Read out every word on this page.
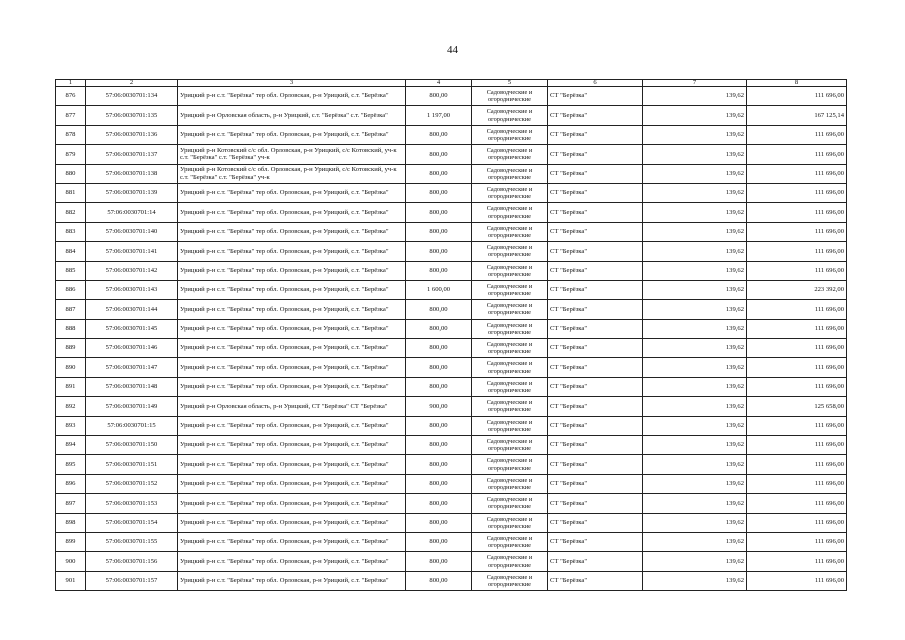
44
1	2	3	4	5	6	7	8
876	57:06:0030701:134	Урицкий р-н с.т. "Берёзка" тер обл. Орловская, р-н Урицкий, с.т. "Берёзка"	800,00	Садоводческие и огороднические	СТ "Берёзка"	139,62	111 696,00
877	57:06:0030701:135	Урицкий р-н Орловская область, р-н Урицкий, с.т. "Берёзка" с.т. "Берёзка"	1 197,00	Садоводческие и огороднические	СТ "Берёзка"	139,62	167 125,14
878	57:06:0030701:136	Урицкий р-н с.т. "Берёзка" тер обл. Орловская, р-н Урицкий, с.т. "Берёзка"	800,00	Садоводческие и огороднические	СТ "Берёзка"	139,62	111 696,00
879	57:06:0030701:137	Урицкий р-н Котовский с/с обл. Орловская, р-н Урицкий, с/с Котовский, уч-к с.т. "Берёзка" с.т. "Берёзка" уч-к	800,00	Садоводческие и огороднические	СТ "Берёзка"	139,62	111 696,00
880	57:06:0030701:138	Урицкий р-н Котовский с/с обл. Орловская, р-н Урицкий, с/с Котовский, уч-к с.т. "Берёзка" с.т. "Берёзка" уч-к	800,00	Садоводческие и огороднические	СТ "Берёзка"	139,62	111 696,00
881	57:06:0030701:139	Урицкий р-н с.т. "Берёзка" тер обл. Орловская, р-н Урицкий, с.т. "Берёзка"	800,00	Садоводческие и огороднические	СТ "Берёзка"	139,62	111 696,00
882	57:06:0030701:14	Урицкий р-н с.т. "Берёзка" тер обл. Орловская, р-н Урицкий, с.т. "Берёзка"	800,00	Садоводческие и огороднические	СТ "Берёзка"	139,62	111 696,00
883	57:06:0030701:140	Урицкий р-н с.т. "Берёзка" тер обл. Орловская, р-н Урицкий, с.т. "Берёзка"	800,00	Садоводческие и огороднические	СТ "Берёзка"	139,62	111 696,00
884	57:06:0030701:141	Урицкий р-н с.т. "Берёзка" тер обл. Орловская, р-н Урицкий, с.т. "Берёзка"	800,00	Садоводческие и огороднические	СТ "Берёзка"	139,62	111 696,00
885	57:06:0030701:142	Урицкий р-н с.т. "Берёзка" тер обл. Орловская, р-н Урицкий, с.т. "Берёзка"	800,00	Садоводческие и огороднические	СТ "Берёзка"	139,62	111 696,00
886	57:06:0030701:143	Урицкий р-н с.т. "Берёзка" тер обл. Орловская, р-н Урицкий, с.т. "Берёзка"	1 600,00	Садоводческие и огороднические	СТ "Берёзка"	139,62	223 392,00
887	57:06:0030701:144	Урицкий р-н с.т. "Берёзка" тер обл. Орловская, р-н Урицкий, с.т. "Берёзка"	800,00	Садоводческие и огороднические	СТ "Берёзка"	139,62	111 696,00
888	57:06:0030701:145	Урицкий р-н с.т. "Берёзка" тер обл. Орловская, р-н Урицкий, с.т. "Берёзка"	800,00	Садоводческие и огороднические	СТ "Берёзка"	139,62	111 696,00
889	57:06:0030701:146	Урицкий р-н с.т. "Берёзка" тер обл. Орловская, р-н Урицкий, с.т. "Берёзка"	800,00	Садоводческие и огороднические	СТ "Берёзка"	139,62	111 696,00
890	57:06:0030701:147	Урицкий р-н с.т. "Берёзка" тер обл. Орловская, р-н Урицкий, с.т. "Берёзка"	800,00	Садоводческие и огороднические	СТ "Берёзка"	139,62	111 696,00
891	57:06:0030701:148	Урицкий р-н с.т. "Берёзка" тер обл. Орловская, р-н Урицкий, с.т. "Берёзка"	800,00	Садоводческие и огороднические	СТ "Берёзка"	139,62	111 696,00
892	57:06:0030701:149	Урицкий р-н Орловская область, р-н Урицкий, СТ "Берёзка" СТ "Берёзка"	900,00	Садоводческие и огороднические	СТ "Берёзка"	139,62	125 658,00
893	57:06:0030701:15	Урицкий р-н с.т. "Берёзка" тер обл. Орловская, р-н Урицкий, с.т. "Берёзка"	800,00	Садоводческие и огороднические	СТ "Берёзка"	139,62	111 696,00
894	57:06:0030701:150	Урицкий р-н с.т. "Берёзка" тер обл. Орловская, р-н Урицкий, с.т. "Берёзка"	800,00	Садоводческие и огороднические	СТ "Берёзка"	139,62	111 696,00
895	57:06:0030701:151	Урицкий р-н с.т. "Берёзка" тер обл. Орловская, р-н Урицкий, с.т. "Берёзка"	800,00	Садоводческие и огороднические	СТ "Берёзка"	139,62	111 696,00
896	57:06:0030701:152	Урицкий р-н с.т. "Берёзка" тер обл. Орловская, р-н Урицкий, с.т. "Берёзка"	800,00	Садоводческие и огороднические	СТ "Берёзка"	139,62	111 696,00
897	57:06:0030701:153	Урицкий р-н с.т. "Берёзка" тер обл. Орловская, р-н Урицкий, с.т. "Берёзка"	800,00	Садоводческие и огороднические	СТ "Берёзка"	139,62	111 696,00
898	57:06:0030701:154	Урицкий р-н с.т. "Берёзка" тер обл. Орловская, р-н Урицкий, с.т. "Берёзка"	800,00	Садоводческие и огороднические	СТ "Берёзка"	139,62	111 696,00
899	57:06:0030701:155	Урицкий р-н с.т. "Берёзка" тер обл. Орловская, р-н Урицкий, с.т. "Берёзка"	800,00	Садоводческие и огороднические	СТ "Берёзка"	139,62	111 696,00
900	57:06:0030701:156	Урицкий р-н с.т. "Берёзка" тер обл. Орловская, р-н Урицкий, с.т. "Берёзка"	800,00	Садоводческие и огороднические	СТ "Берёзка"	139,62	111 696,00
901	57:06:0030701:157	Урицкий р-н с.т. "Берёзка" тер обл. Орловская, р-н Урицкий, с.т. "Берёзка"	800,00	Садоводческие и огороднические	СТ "Берёзка"	139,62	111 696,00
